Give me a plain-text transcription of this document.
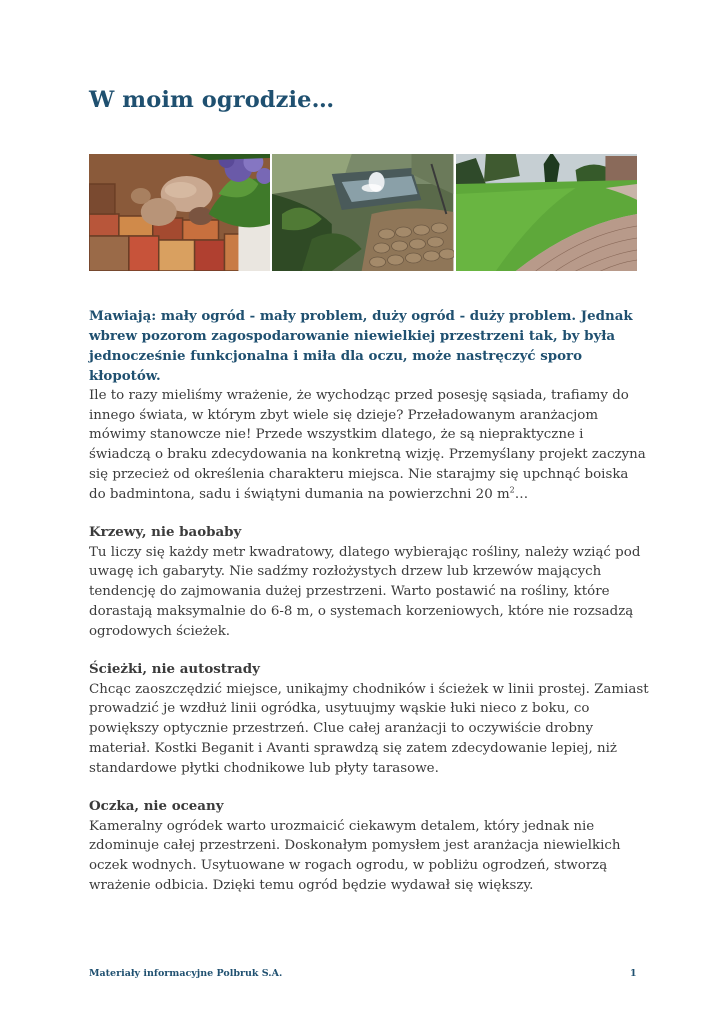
W moim ogrodzie…

Mawiają: mały ogród - mały problem, duży ogród - duży problem. Jednak wbrew pozorom zagospodarowanie niewielkiej przestrzeni tak, by była jednocześnie funkcjonalna i miła dla oczu, może nastręczyć sporo kłopotów.

Ile to razy mieliśmy wrażenie, że wychodząc przed posesję sąsiada, trafiamy do innego świata, w którym zbyt wiele się dzieje? Przeładowanym aranżacjom mówimy stanowcze nie! Przede wszystkim dlatego, że są niepraktyczne i świadczą o braku zdecydowania na konkretną wizję. Przemyślany projekt zaczyna się przecież od określenia charakteru miejsca. Nie starajmy się upchnąć boiska do badmintona, sadu i świątyni dumania na powierzchni 20 $m^2\dots$

Krzewy, nie baobaby

Tu liczy się każdy metr kwadratowy, dlatego wybierając rośliny, należy wziąć pod uwagę ich gabaryty. Nie sadźmy rozłożystych drzew lub krzewów mających tendencję do zajmowania dużej przestrzeni. Warto postawić na rośliny, które dorastają maksymalnie do 6-8 m, o systemach korzeniowych, które nie rozsadzą ogrodowych ścieżek.

Ścieżki, nie autostrady

Chcąc zaoszczędzić miejsce, unikajmy chodników i ścieżek w linii prostej. Zamiast prowadzić je wzdłuż linii ogródka, usytuujmy wąskie łuki nieco z boku, co powiększy optycznie przestrzeń. Clue całej aranżacji to oczywiście drobny materiał. Kostki Beganit i Avanti sprawdzą się zatem zdecydowanie lepiej, niż standardowe płytki chodnikowe lub płyty tarasowe.

Oczka, nie oceany

Kameralny ogródek warto urozmaicić ciekawym detalem, który jednak nie zdominuje całej przestrzeni. Doskonałym pomysłem jest aranżacja niewielkich oczek wodnych. Usytuowane w rogach ogrodu, w pobliżu ogrodzeń, stworzą wrażenie odbicia. Dzięki temu ogród będzie wydawał się większy.

Materiały informacyjne Polbruk S.A.	1
